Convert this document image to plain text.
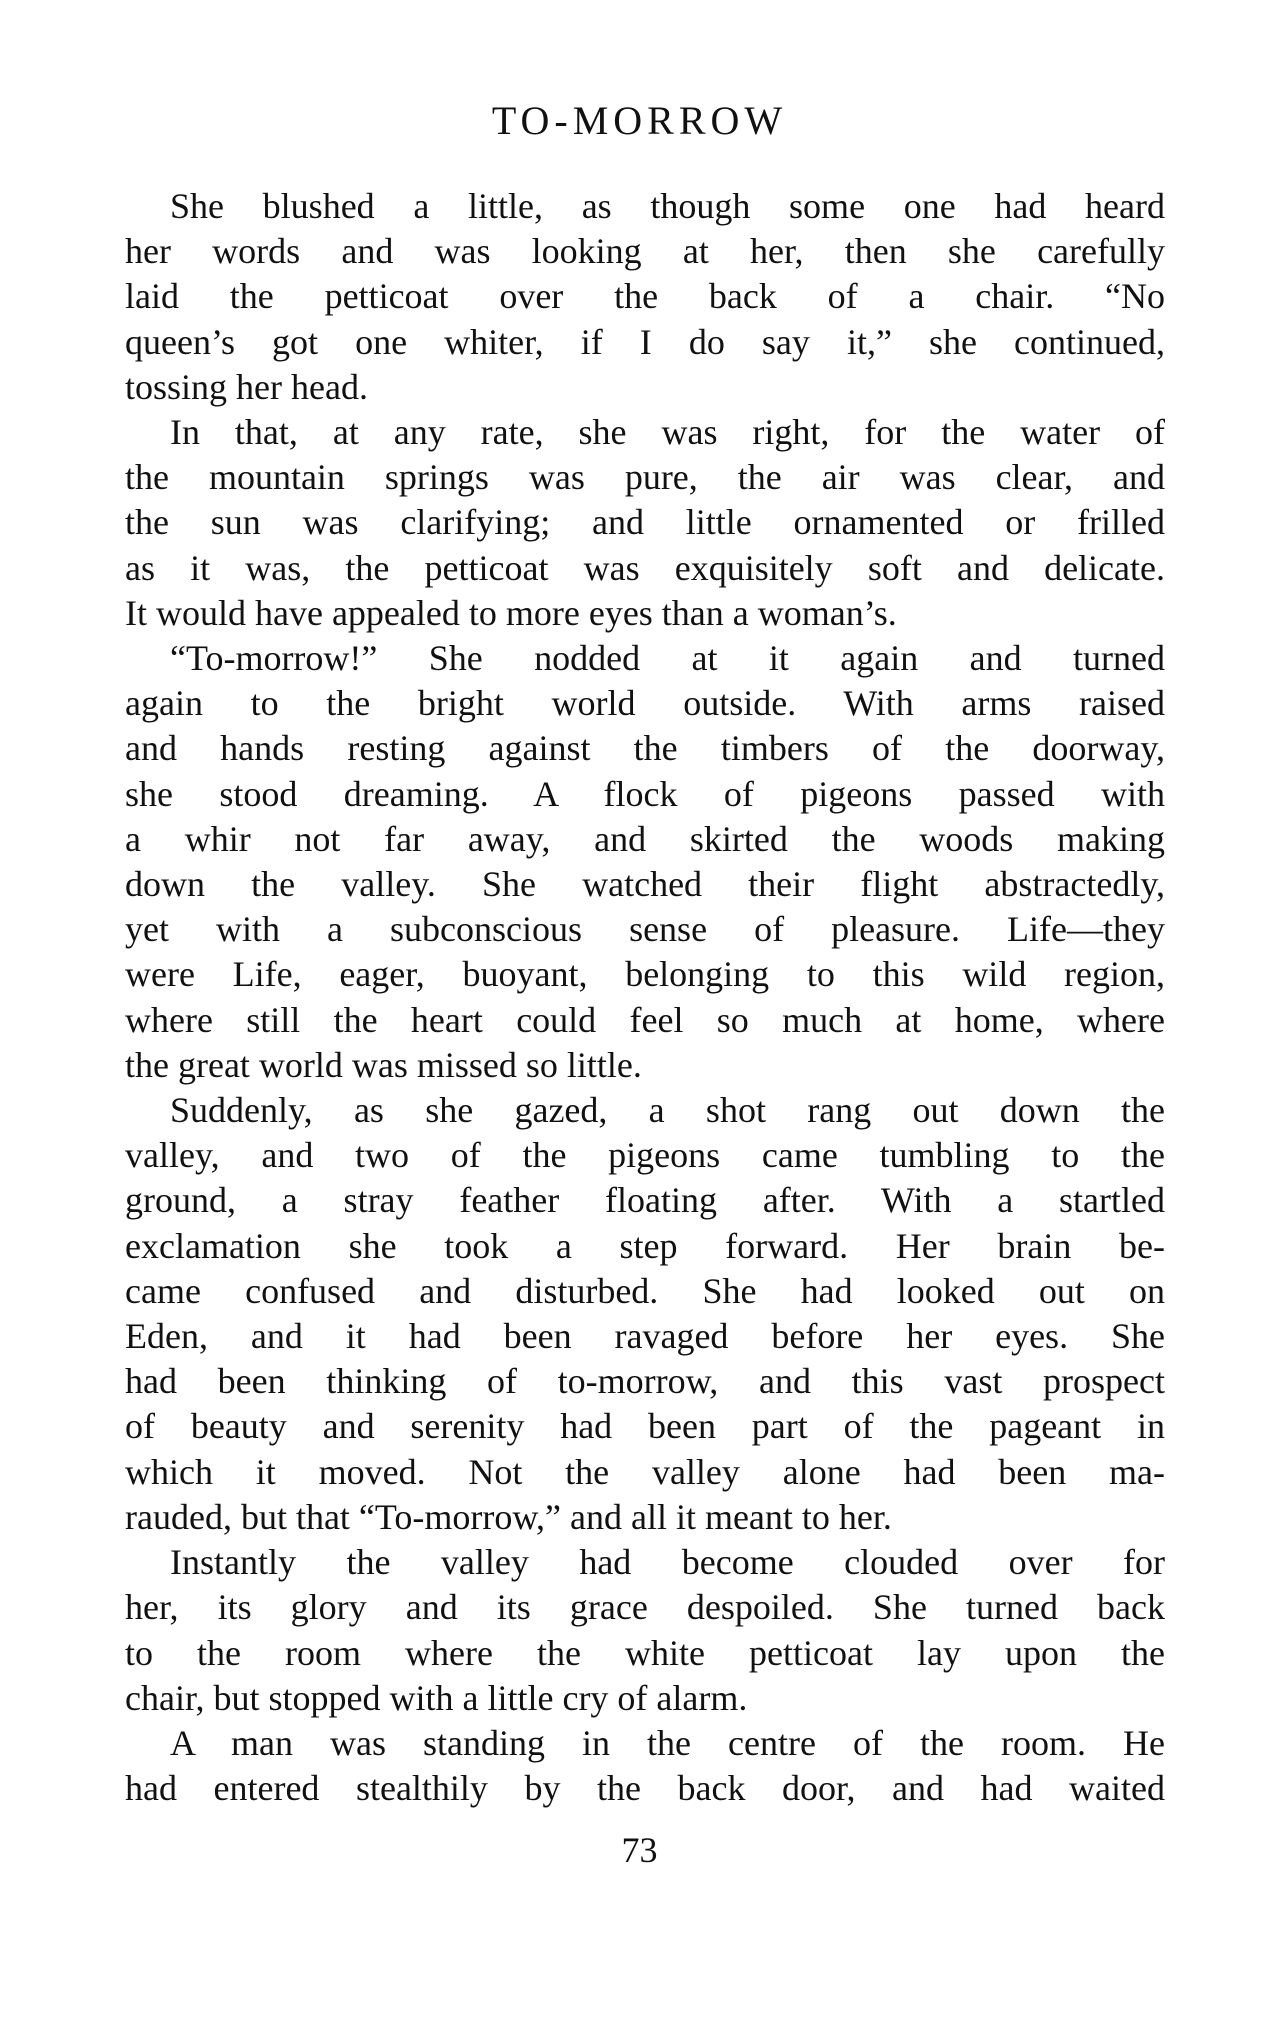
TO-MORROW
She blushed a little, as though some one had heard
her words and was looking at her, then she carefully
laid the petticoat over the back of a chair. “No
queen’s got one whiter, if I do say it,” she continued,
tossing her head.
In that, at any rate, she was right, for the water of
the mountain springs was pure, the air was clear, and
the sun was clarifying; and little ornamented or frilled
as it was, the petticoat was exquisitely soft and delicate.
It would have appealed to more eyes than a woman’s.
“To-morrow!” She nodded at it again and turned
again to the bright world outside. With arms raised
and hands resting against the timbers of the doorway,
she stood dreaming. A flock of pigeons passed with
a whir not far away, and skirted the woods making
down the valley. She watched their flight abstractedly,
yet with a subconscious sense of pleasure. Life—they
were Life, eager, buoyant, belonging to this wild region,
where still the heart could feel so much at home, where
the great world was missed so little.
Suddenly, as she gazed, a shot rang out down the
valley, and two of the pigeons came tumbling to the
ground, a stray feather floating after. With a startled
exclamation she took a step forward. Her brain be-
came confused and disturbed. She had looked out on
Eden, and it had been ravaged before her eyes. She
had been thinking of to-morrow, and this vast prospect
of beauty and serenity had been part of the pageant in
which it moved. Not the valley alone had been ma-
rauded, but that “To-morrow,” and all it meant to her.
Instantly the valley had become clouded over for
her, its glory and its grace despoiled. She turned back
to the room where the white petticoat lay upon the
chair, but stopped with a little cry of alarm.
A man was standing in the centre of the room. He
had entered stealthily by the back door, and had waited
73
